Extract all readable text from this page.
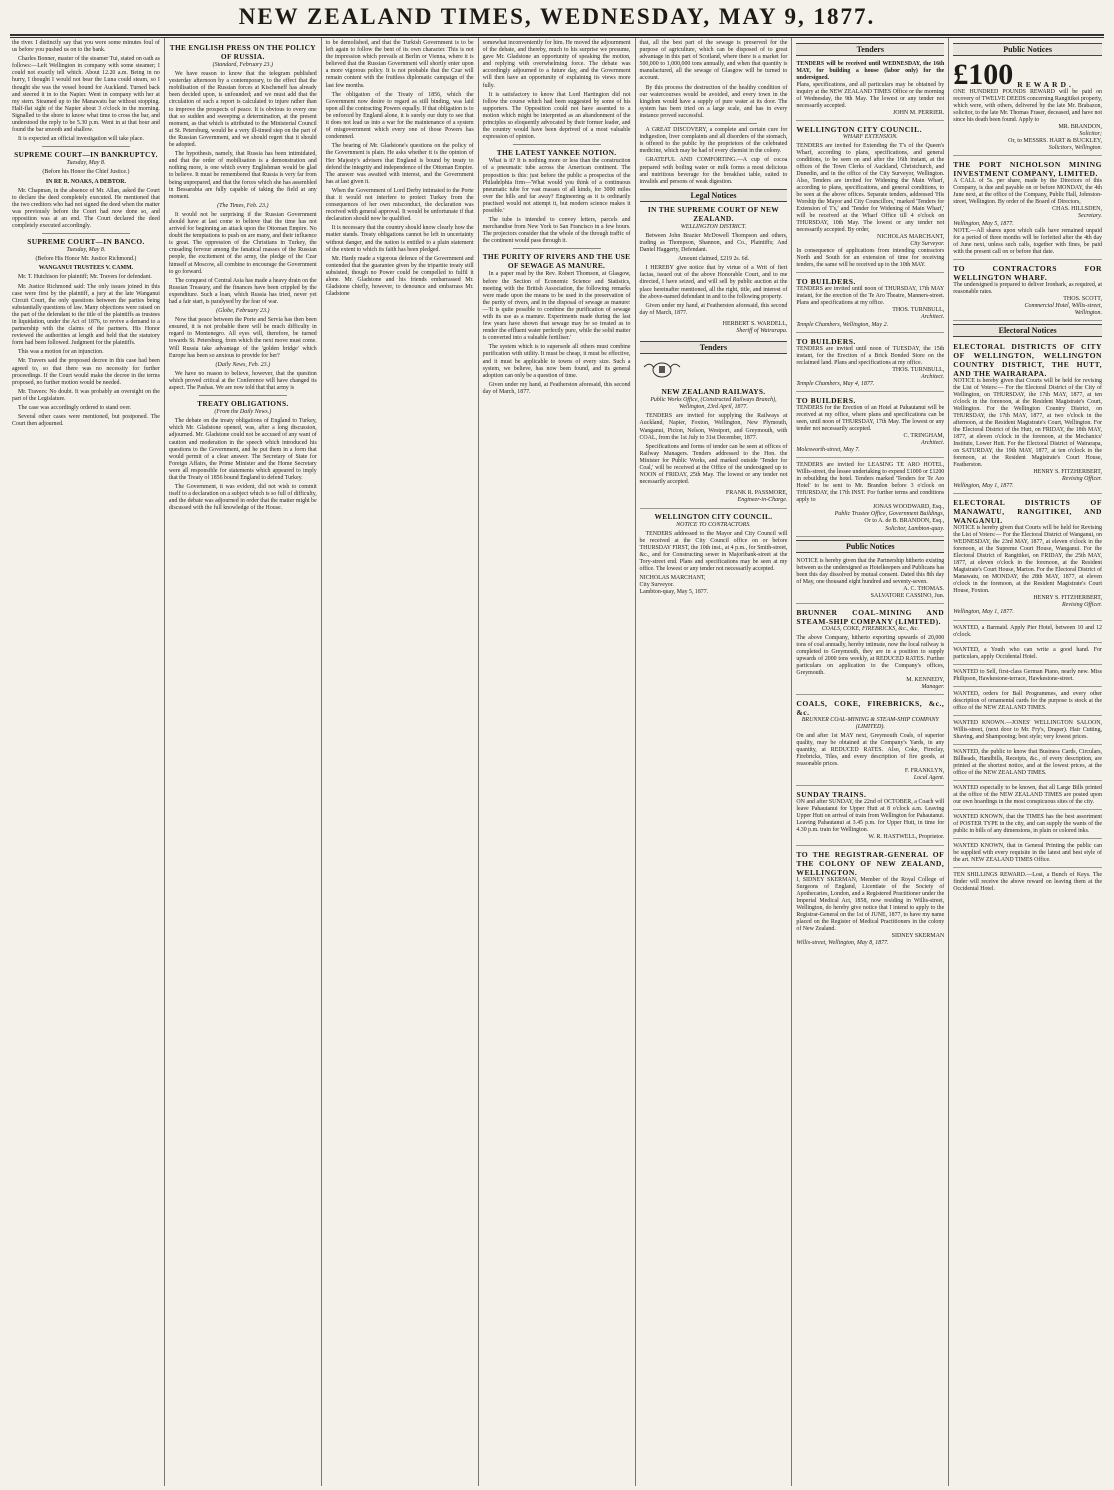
NEW ZEALAND TIMES, WEDNESDAY, MAY 9, 1877.

the river. I distinctly say that you were some minutes foul of us before you pushed us on to the bank.

Charles Bonner, master of the steamer Tui, stated on oath as follows:—Left Wellington in company with some steamer; I could not exactly tell which. About 12.20 a.m. Being in no hurry, I thought I would not bear the Luna could steam, so I thought she was the vessel bound for Auckland. Turned back and steered it in to the Napier. Went in company with her at my stern. Steamed up to the Manawatu bar without stopping. Half-flat sight of the Napier about 3 o'clock in the morning. Signalled to the shore to know what time to cross the bar, and understood the reply to be 5.30 p.m. Went in at that hour and found the bar smooth and shallow.

It is expected an official investigation will take place.

SUPREME COURT—IN BANKRUPTCY.
Tuesday, May 8.

(Before his Honor the Chief Justice.)

IN RE R. NOAKS, A DEBTOR.

Mr. Chapman, in the absence of Mr. Allan, asked the Court to declare the deed completely executed. He mentioned that the two creditors who had not signed the deed when the matter was previously before the Court had now done so, and opposition was at an end. The Court declared the deed completely executed accordingly.

SUPREME COURT—IN BANCO.
Tuesday, May 8.

(Before His Honor Mr. Justice Richmond.)

WANGANUI TRUSTEES V. CAMM.

Mr. T. Hutchison for plaintiff; Mr. Travers for defendant.

Mr. Justice Richmond said: The only issues joined in this case were first by the plaintiff, a jury at the late Wanganui Circuit Court, the only questions between the parties being substantially questions of law. Many objections were raised on the part of the defendant to the title of the plaintiffs as trustees in liquidation, under the Act of 1876, to revive a demand to a partnership with the claims of the partners. His Honor reviewed the authorities at length and held that the statutory form had been followed. Judgment for the plaintiffs.

This was a motion for an injunction.

Mr. Travers said the proposed decree in this case had been agreed to, so that there was no necessity for further proceedings. If the Court would make the decree in the terms proposed, no further motion would be needed.

Mr. Travers: No doubt. It was probably an oversight on the part of the Legislature.

The case was accordingly ordered to stand over.

Several other cases were mentioned, but postponed. The Court then adjourned.

THE ENGLISH PRESS ON THE POLICY OF RUSSIA.
(Standard, February 23.)

We have reason to know that the telegram published yesterday afternoon by a contemporary, to the effect that the mobilisation of the Russian forces at Kischeneff has already been decided upon, is unfounded; and we must add that the circulation of such a report is calculated to injure rather than to improve the prospects of peace. It is obvious to every one that so sudden and sweeping a determination, at the present moment, as that which is attributed to the Ministerial Council at St. Petersburg, would be a very ill-timed step on the part of the Russian Government, and we should regret that it should be adopted.

The hypothesis, namely, that Russia has been intimidated, and that the order of mobilisation is a demonstration and nothing more, is one which every Englishman would be glad to believe. It must be remembered that Russia is very far from being unprepared, and that the forces which she has assembled in Bessarabia are fully capable of taking the field at any moment.

(The Times, Feb. 23.)

It would not be surprising if the Russian Government should have at last come to believe that the time has not arrived for beginning an attack upon the Ottoman Empire. No doubt the temptations to push on are many, and their influence is great. The oppression of the Christians in Turkey, the crusading fervour among the fanatical masses of the Russian people, the excitement of the army, the pledge of the Czar himself at Moscow, all combine to encourage the Government to go forward.

The conquest of Central Asia has made a heavy drain on the Russian Treasury, and the finances have been crippled by the expenditure. Such a loan, which Russia has tried, never yet had a fair start, is paralysed by the fear of war.

(Globe, February 23.)

Now that peace between the Porte and Servia has then been ensured, it is not probable there will be much difficulty in regard to Montenegro. All eyes will, therefore, be turned towards St. Petersburg, from which the next move must come. Will Russia take advantage of the 'golden bridge' which Europe has been so anxious to provide for her?

(Daily News, Feb. 23.)

We have no reason to believe, however, that the question which proved critical at the Conference will have changed its aspect. The Pashas. We are now told that that army is

TREATY OBLIGATIONS.
(From the Daily News.)

The debate on the treaty obligations of England to Turkey, which Mr. Gladstone opened, was, after a long discussion, adjourned. Mr. Gladstone could not be accused of any want of caution and moderation in the speech which introduced his questions to the Government, and he put them in a form that would permit of a clear answer. The Secretary of State for Foreign Affairs, the Prime Minister and the Home Secretary were all responsible for statements which appeared to imply that the Treaty of 1856 bound England to defend Turkey.

The Government, it was evident, did not wish to commit itself to a declaration on a subject which is so full of difficulty, and the debate was adjourned in order that the matter might be discussed with the full knowledge of the House.

to be demolished, and that the Turkish Government is to be left again to follow the bent of its own character. This is not the impression which prevails at Berlin or Vienna, where it is believed that the Russian Government will shortly enter upon a more vigorous policy. It is not probable that the Czar will remain content with the fruitless diplomatic campaign of the last few months.

The obligation of the Treaty of 1856, which the Government now desire to regard as still binding, was laid upon all the contracting Powers equally. If that obligation is to be enforced by England alone, it is surely our duty to see that it does not lead us into a war for the maintenance of a system of misgovernment which every one of those Powers has condemned.

The bearing of Mr. Gladstone's questions on the policy of the Government is plain. He asks whether it is the opinion of Her Majesty's advisers that England is bound by treaty to defend the integrity and independence of the Ottoman Empire. The answer was awaited with interest, and the Government has at last given it.

When the Government of Lord Derby intimated to the Porte that it would not interfere to protect Turkey from the consequences of her own misconduct, the declaration was received with general approval. It would be unfortunate if that declaration should now be qualified.

It is necessary that the country should know clearly how the matter stands. Treaty obligations cannot be left in uncertainty without danger, and the nation is entitled to a plain statement of the extent to which its faith has been pledged.

Mr. Hardy made a vigorous defence of the Government and contended that the guarantee given by the tripartite treaty still subsisted, though no Power could be compelled to fulfil it alone. Mr. Gladstone and his friends embarrassed Mr. Gladstone chiefly, however, to denounce and embarrass Mr. Gladstone

somewhat inconveniently for him. He moved the adjournment of the debate, and thereby, much to his surprise we presume, gave Mr. Gladstone an opportunity of speaking the motion, and replying with overwhelming force. The debate was accordingly adjourned to a future day, and the Government will then have an opportunity of explaining its views more fully.

It is satisfactory to know that Lord Hartington did not follow the course which had been suggested by some of his supporters. The Opposition could not have assented to a motion which might be interpreted as an abandonment of the principles so eloquently advocated by their former leader, and the country would have been deprived of a most valuable expression of opinion.

THE LATEST YANKEE NOTION.

What is it? It is nothing more or less than the construction of a pneumatic tube across the American continent. The proposition is this: just before the public a prospectus of the Philadelphia firm—'What would you think of a continuous pneumatic tube for vast masses of all kinds, for 3000 miles over the hills and far away? Engineering as it is ordinarily practised would not attempt it, but modern science makes it possible.'

The tube is intended to convey letters, parcels and merchandise from New York to San Francisco in a few hours. The projectors consider that the whole of the through traffic of the continent would pass through it.

THE PURITY OF RIVERS AND THE USE OF SEWAGE AS MANURE.

In a paper read by the Rev. Robert Thomson, at Glasgow, before the Section of Economic Science and Statistics, meeting with the British Association, the following remarks were made upon the means to be used in the preservation of the purity of rivers, and in the disposal of sewage as manure:—'It is quite possible to combine the purification of sewage with its use as a manure. Experiments made during the last few years have shown that sewage may be so treated as to render the effluent water perfectly pure, while the solid matter is converted into a valuable fertiliser.'

The system which is to supersede all others must combine purification with utility. It must be cheap, it must be effective, and it must be applicable to towns of every size. Such a system, we believe, has now been found, and its general adoption can only be a question of time.

Given under my hand, at Featherston aforesaid, this second day of March, 1877.

that, all the best part of the sewage is preserved for the purpose of agriculture, which can be disposed of to great advantage in this part of Scotland, where there is a market for 500,000 to 1,000,000 tons annually, and when that quantity is manufactured, all the sewage of Glasgow will be turned to account.

By this process the destruction of the healthy condition of our watercourses would be avoided, and every town in the kingdom would have a supply of pure water at its door. The system has been tried on a large scale, and has in every instance proved successful.

A GREAT DISCOVERY, a complete and certain cure for indigestion, liver complaints and all disorders of the stomach, is offered to the public by the proprietors of the celebrated medicine, which may be had of every chemist in the colony.

GRATEFUL AND COMFORTING.—A cup of cocoa prepared with boiling water or milk forms a most delicious and nutritious beverage for the breakfast table, suited to invalids and persons of weak digestion.

Legal Notices
IN THE SUPREME COURT OF NEW ZEALAND.
WELLINGTON DISTRICT.

Between John Brazier McDowell Thompson and others, trading as Thompson, Shannon, and Co., Plaintiffs; And Daniel Haggerty, Defendant.

Amount claimed, £219 2s. 6d.

I HEREBY give notice that by virtue of a Writ of fieri facias, issued out of the above Honorable Court, and to me directed, I have seized, and will sell by public auction at the place hereinafter mentioned, all the right, title, and interest of the above-named defendant in and to the following property.

Given under my hand, at Featherston aforesaid, this second day of March, 1877.

HERBERT S. WARDELL,
Sheriff of Wairarapa.
Tenders
NEW ZEALAND RAILWAYS.

Public Works Office, (Constructed Railways Branch), Wellington, 23rd April, 1877.

TENDERS are invited for supplying the Railways at Auckland, Napier, Foxton, Wellington, New Plymouth, Wanganui, Picton, Nelson, Westport, and Greymouth, with COAL, from the 1st July to 31st December, 1877.

Specifications and forms of tender can be seen at offices of Railway Managers. Tenders addressed to the Hon. the Minister for Public Works, and marked outside 'Tender for Coal,' will be received at the Office of the undersigned up to NOON of FRIDAY, 25th May. The lowest or any tender not necessarily accepted.

FRANK R. PASSMORE,
Engineer-in-Charge.
WELLINGTON CITY COUNCIL.
NOTICE TO CONTRACTORS.

TENDERS addressed to the Mayor and City Council will be received at the City Council office on or before THURSDAY FIRST, the 10th inst., at 4 p.m., for Smith-street, &c., and for Constructing sewer in Majoribank-street at the Tory-street end. Plans and specifications may be seen at my office. The lowest or any tender not necessarily accepted.

NICHOLAS MARCHANT,
City Surveyor.
Lambton-quay, May 5, 1877.
Tenders
TENDERS will be received until WEDNESDAY, the 16th MAY, for building a house (labor only) for the undersigned.
Plans, specifications, and all particulars may be obtained by inquiry at the NEW ZEALAND TIMES Office or the morning of Wednesday, the 9th May. The lowest or any tender not necessarily accepted.
JOHN M. PERRIER.
WELLINGTON CITY COUNCIL.
WHARF EXTENSION.
TENDERS are invited for Extending the T's of the Queen's Wharf, according to plans, specifications, and general conditions, to be seen on and after the 16th instant, at the offices of the Town Clerks of Auckland, Christchurch, and Dunedin, and in the office of the City Surveyor, Wellington. Also, Tenders are invited for Widening the Main Wharf, according to plans, specifications, and general conditions, to be seen at the above offices. Separate tenders, addressed 'His Worship the Mayor and City Councillors,' marked 'Tenders for Extension of T's,' and 'Tender for Widening of Main Wharf,' will be received at the Wharf Office till 4 o'clock on THURSDAY, 10th May. The lowest or any tender not necessarily accepted. By order,
NICHOLAS MARCHANT,
City Surveyor.
In consequence of applications from intending contractors North and South for an extension of time for receiving tenders, the same will be received up to the 10th MAY.
TO BUILDERS.
TENDERS are invited until noon of THURSDAY, 17th MAY instant, for the erection of the Te Aro Theatre, Manners-street. Plans and specifications at my office.
THOS. TURNBULL,
Architect.
Temple Chambers, Wellington, May 2.
TO BUILDERS.
TENDERS are invited until noon of TUESDAY, the 15th instant, for the Erection of a Brick Bonded Store on the reclaimed land. Plans and specifications at my office.
THOS. TURNBULL,
Architect.
Temple Chambers, May 4, 1877.
TO BUILDERS.
TENDERS for the Erection of an Hotel at Pahautanui will be received at my office, where plans and specifications can be seen, until noon of THURSDAY, 17th May. The lowest or any tender not necessarily accepted.
C. TRINGHAM,
Architect.
Molesworth-street, May 7.
TENDERS are invited for LEASING TE ARO HOTEL, Willis-street, the lessee undertaking to expend £1000 or £1200 in rebuilding the hotel. Tenders marked 'Tenders for Te Aro Hotel' to be sent to Mr. Brandon before 3 o'clock on THURSDAY, the 17th INST. For further terms and conditions apply to
JONAS WOODWARD, Esq.,
Public Trustee Office, Government Buildings,
Or to A. de B. BRANDON, Esq.,
Solicitor, Lambton-quay.
Public Notices
NOTICE is hereby given that the Partnership hitherto existing between us the undersigned as Hotelkeepers and Publicans has been this day dissolved by mutual consent. Dated this 8th day of May, one thousand eight hundred and seventy-seven.
A. C. THOMAS.
SALVATORE CASSINO, Jun.
BRUNNER COAL-MINING AND STEAM-SHIP COMPANY (LIMITED).
COALS, COKE, FIREBRICKS, &c., &c.
The above Company, hitherto exporting upwards of 20,000 tons of coal annually, hereby intimate, now the local railway is completed to Greymouth, they are in a position to supply upwards of 2000 tons weekly, at REDUCED RATES. Further particulars on application to the Company's offices, Greymouth.
M. KENNEDY,
Manager.
COALS, COKE, FIREBRICKS, &c., &c.
BRUNNER COAL-MINING & STEAM-SHIP COMPANY (LIMITED).
On and after 1st MAY next, Greymouth Coals, of superior quality, may be obtained at the Company's Yards, in any quantity, at REDUCED RATES. Also, Coke, Fireclay, Firebricks, Tiles, and every description of fire goods, at reasonable prices.
F. FRANKLYN,
Local Agent.
SUNDAY TRAINS.
ON and after SUNDAY, the 22nd of OCTOBER, a Coach will leave Pahautanui for Upper Hutt at 8 o'clock a.m. Leaving Upper Hutt on arrival of train from Wellington for Pahautanui. Leaving Pahautanui at 3.45 p.m. for Upper Hutt, in time for 4.30 p.m. train for Wellington.
W. R. HASTWELL, Proprietor.
TO THE REGISTRAR-GENERAL OF THE COLONY OF NEW ZEALAND, WELLINGTON.
I, SIDNEY SKERMAN, Member of the Royal College of Surgeons of England, Licentiate of the Society of Apothecaries, London, and a Registered Practitioner under the Imperial Medical Act, 1858, now residing in Willis-street, Wellington, do hereby give notice that I intend to apply to the Registrar-General on the 1st of JUNE, 1877, to have my name placed on the Register of Medical Practitioners in the colony of New Zealand.
SIDNEY SKERMAN
Willis-street, Wellington, May 8, 1877.
Public Notices
£100 REWARD.
ONE HUNDRED POUNDS REWARD will be paid on recovery of TWELVE DEEDS concerning Rangitikei property, which were, with others, delivered by the late Mr. Brabazon, solicitor, to the late Mr. Thomas Fraser, deceased, and have not since his death been found. Apply to
MR. BRANDON,
Solicitor;
Or, to MESSRS. HART & BUCKLEY,
Solicitors, Wellington.
THE PORT NICHOLSON MINING INVESTMENT COMPANY, LIMITED.
A CALL of 5s. per share, made by the Directors of this Company, is due and payable on or before MONDAY, the 4th June next, at the office of the Company, Public Hall, Johnston-street, Wellington. By order of the Board of Directors,
CHAS. HILLSDEN,
Secretary.
Wellington, May 5, 1877.
NOTE.—All shares upon which calls have remained unpaid for a period of three months will be forfeited after the 4th day of June next, unless such calls, together with fines, be paid with the present call on or before that date.
TO CONTRACTORS FOR WELLINGTON WHARF.
The undersigned is prepared to deliver Ironbark, as required, at reasonable rates.
THOS. SCOTT,
Commercial Hotel, Willis-street,
Wellington.
Electoral Notices
ELECTORAL DISTRICTS OF CITY OF WELLINGTON, WELLINGTON COUNTRY DISTRICT, THE HUTT, AND THE WAIRARAPA.
NOTICE is hereby given that Courts will be held for revising the List of Voters:— For the Electoral District of the City of Wellington, on THURSDAY, the 17th MAY, 1877, at ten o'clock in the forenoon, at the Resident Magistrate's Court, Wellington. For the Wellington Country District, on THURSDAY, the 17th MAY, 1877, at two o'clock in the afternoon, at the Resident Magistrate's Court, Wellington. For the Electoral District of the Hutt, on FRIDAY, the 18th MAY, 1877, at eleven o'clock in the forenoon, at the Mechanics' Institute, Lower Hutt. For the Electoral District of Wairarapa, on SATURDAY, the 19th MAY, 1877, at ten o'clock in the forenoon, at the Resident Magistrate's Court House, Featherston.
HENRY S. FITZHERBERT,
Revising Officer.
Wellington, May 1, 1877.
ELECTORAL DISTRICTS OF MANAWATU, RANGITIKEI, AND WANGANUI.
NOTICE is hereby given that Courts will be held for Revising the List of Voters:— For the Electoral District of Wanganui, on WEDNESDAY, the 23rd MAY, 1877, at eleven o'clock in the forenoon, at the Supreme Court House, Wanganui. For the Electoral District of Rangitikei, on FRIDAY, the 25th MAY, 1877, at eleven o'clock in the forenoon, at the Resident Magistrate's Court House, Marton. For the Electoral District of Manawatu, on MONDAY, the 28th MAY, 1877, at eleven o'clock in the forenoon, at the Resident Magistrate's Court House, Foxton.
HENRY S. FITZHERBERT,
Revising Officer.
Wellington, May 1, 1877.
WANTED, a Barmaid. Apply Pier Hotel, between 10 and 12 o'clock.
WANTED, a Youth who can write a good hand. For particulars, apply Occidental Hotel.
WANTED to Sell, first-class German Piano, nearly new. Miss Philipson, Hawkestone-terrace, Hawkestone-street.
WANTED, orders for Ball Programmes, and every other description of ornamental cards for the purpose is stock at the office of the NEW ZEALAND TIMES.
WANTED KNOWN.—JONES' WELLINGTON SALOON, Willis-street, (next door to Mr. Fry's, Draper). Hair Cutting, Shaving, and Shampooing; best style; very lowest prices.
WANTED, the public to know that Business Cards, Circulars, Billheads, Handbills, Receipts, &c., of every description, are printed at the shortest notice, and at the lowest prices, at the office of the NEW ZEALAND TIMES.
WANTED especially to be known, that all Large Bills printed at the office of the NEW ZEALAND TIMES are posted upon our own hoardings in the most conspicuous sites of the city.
WANTED KNOWN, that the TIMES has the best assortment of POSTER TYPE in the city, and can supply the wants of the public in bills of any dimensions, in plain or colored inks.
WANTED KNOWN, that in General Printing the public can be supplied with every requisite in the latest and best style of the art. NEW ZEALAND TIMES Office.
TEN SHILLINGS REWARD.—Lost, a Bunch of Keys. The finder will receive the above reward on leaving them at the Occidental Hotel.
